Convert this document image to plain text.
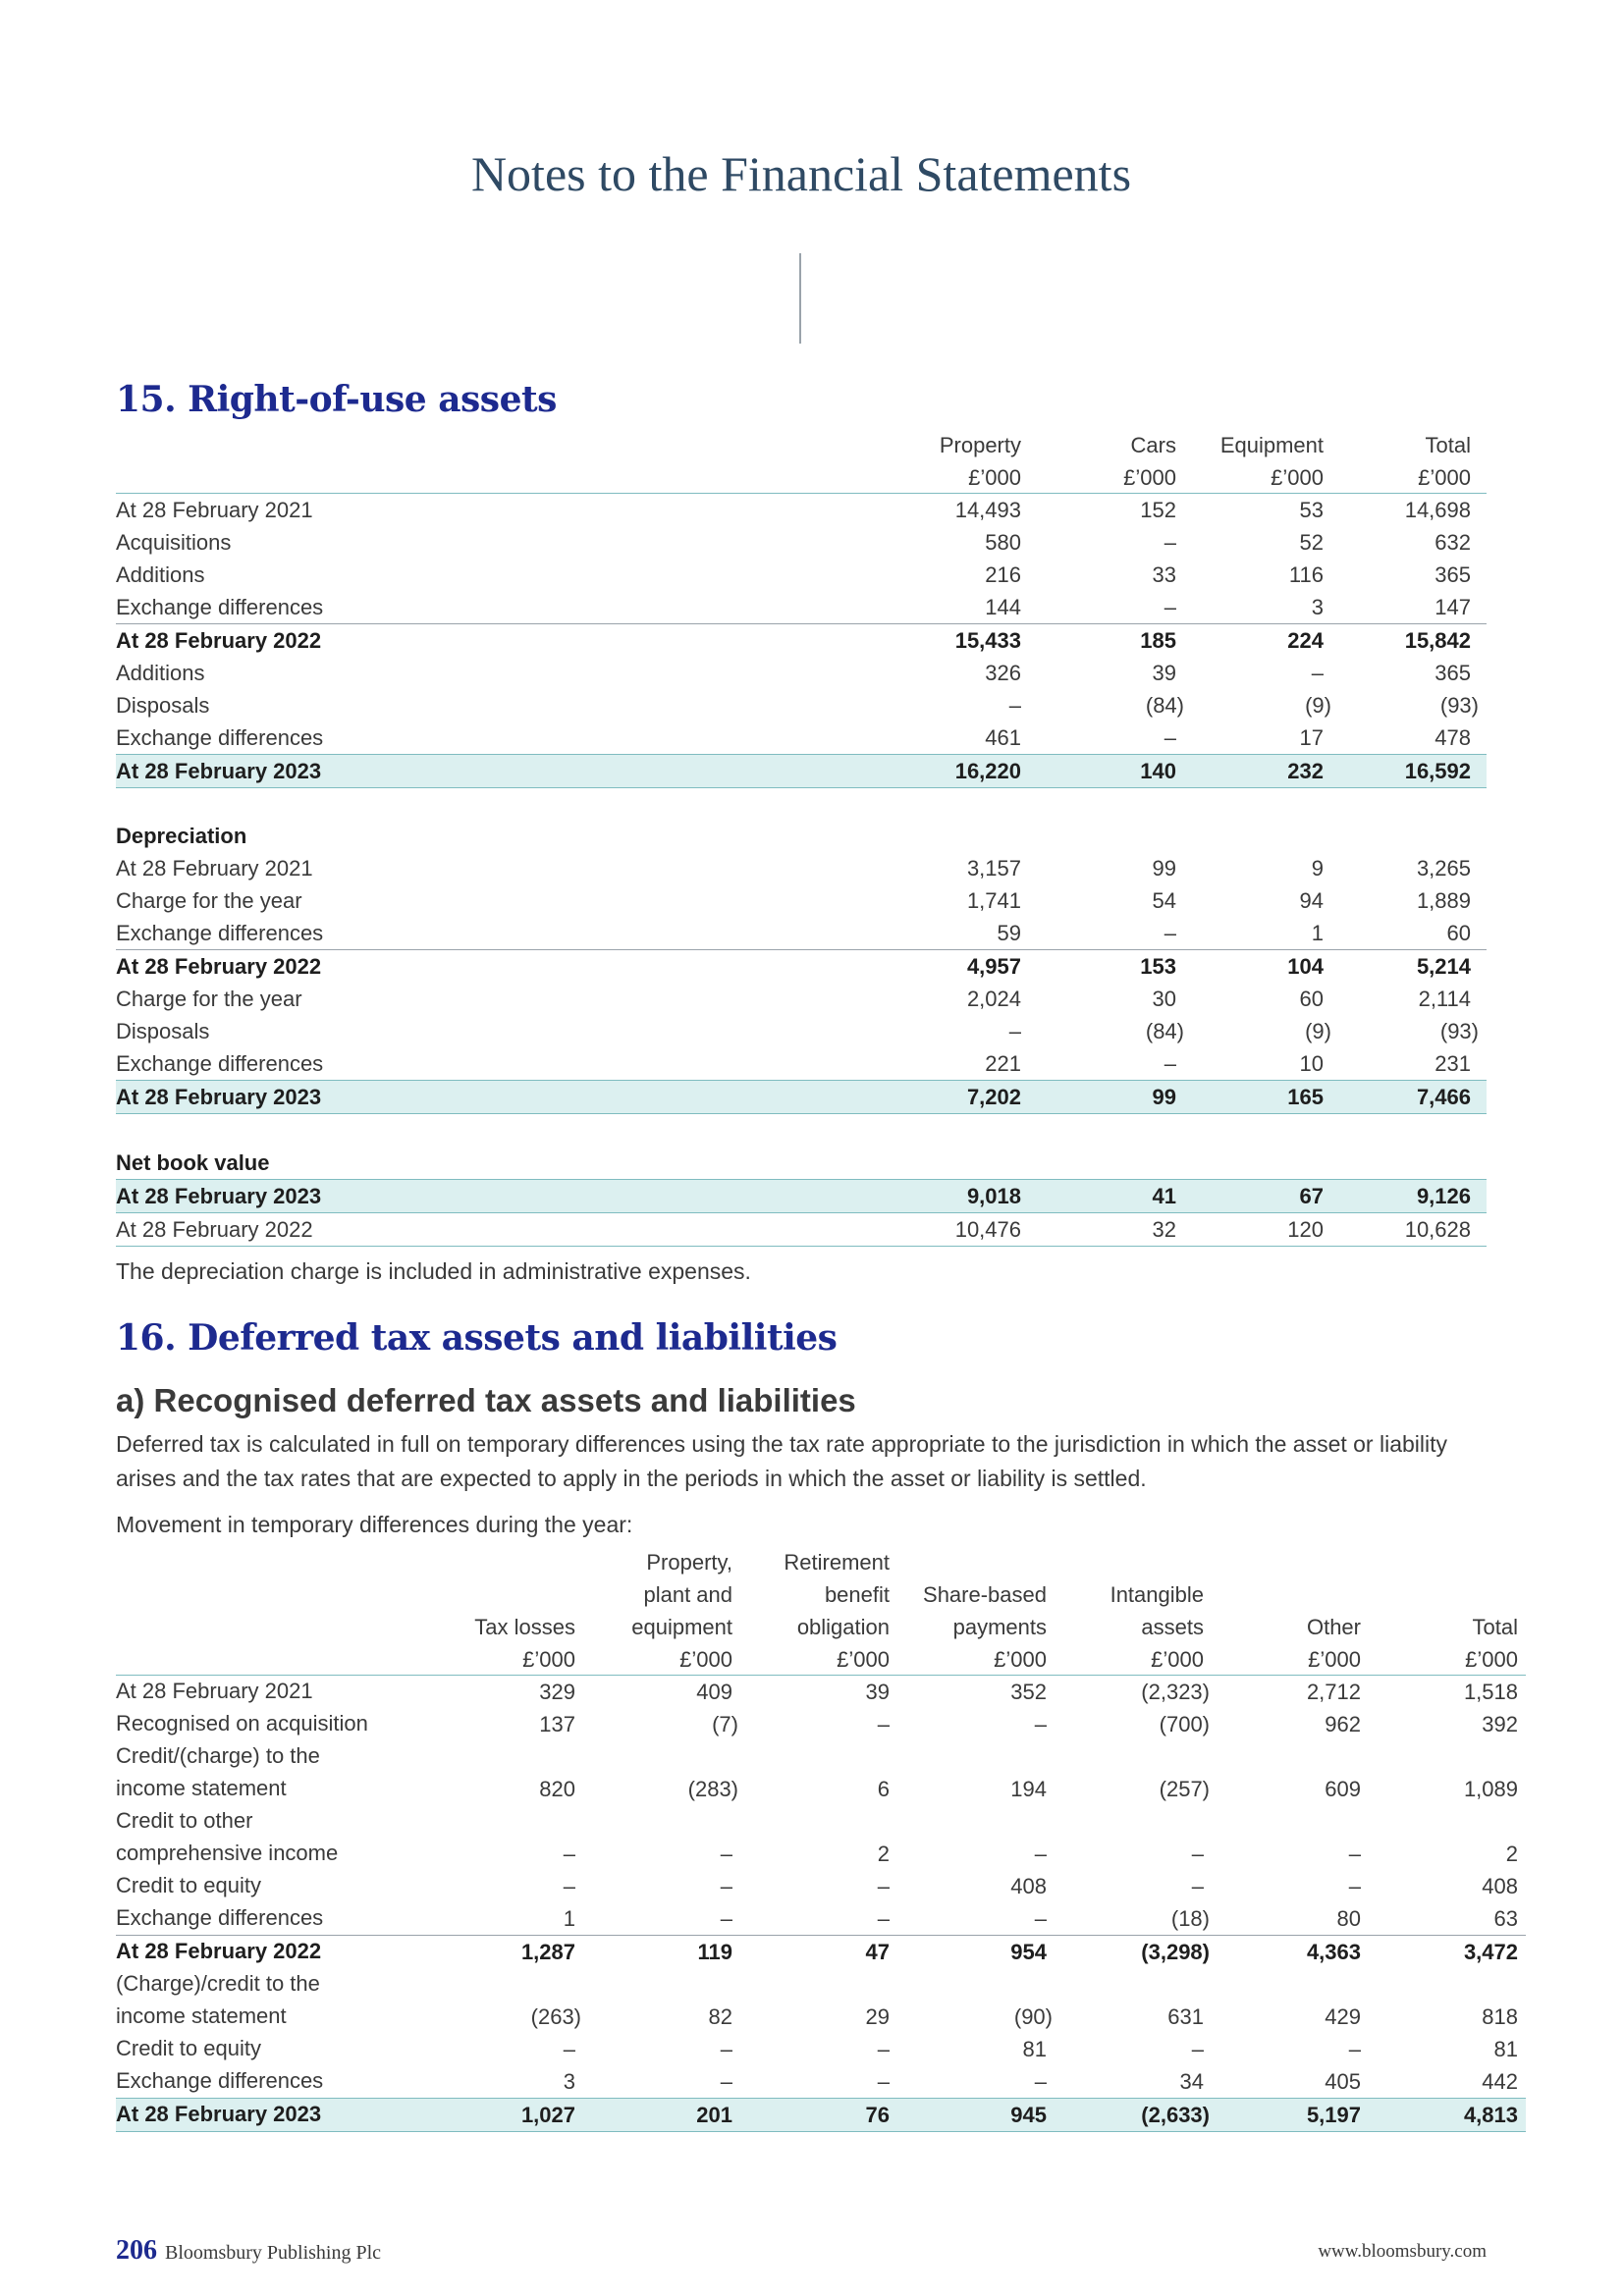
Notes to the Financial Statements
15. Right-of-use assets
	Property	Cars	Equipment	Total
	£’000	£’000	£’000	£’000
At 28 February 2021	14,493	152	53	14,698
Acquisitions	580	–	52	632
Additions	216	33	116	365
Exchange differences	144	–	3	147
At 28 February 2022	15,433	185	224	15,842
Additions	326	39	–	365
Disposals	–	(84)	(9)	(93)
Exchange differences	461	–	17	478
At 28 February 2023	16,220	140	232	16,592

Depreciation				
At 28 February 2021	3,157	99	9	3,265
Charge for the year	1,741	54	94	1,889
Exchange differences	59	–	1	60
At 28 February 2022	4,957	153	104	5,214
Charge for the year	2,024	30	60	2,114
Disposals	–	(84)	(9)	(93)
Exchange differences	221	–	10	231
At 28 February 2023	7,202	99	165	7,466

Net book value				
At 28 February 2023	9,018	41	67	9,126
At 28 February 2022	10,476	32	120	10,628
The depreciation charge is included in administrative expenses.
16. Deferred tax assets and liabilities
a) Recognised deferred tax assets and liabilities
Deferred tax is calculated in full on temporary differences using the tax rate appropriate to the jurisdiction in which the asset or liability arises and the tax rates that are expected to apply in the periods in which the asset or liability is settled.
Movement in temporary differences during the year:
		Property,	Retirement				
		plant and	benefit	Share-based	Intangible		
	Tax losses	equipment	obligation	payments	assets	Other	Total
	£’000	£’000	£’000	£’000	£’000	£’000	£’000
At 28 February 2021	329	409	39	352	(2,323)	2,712	1,518
Recognised on acquisition	137	(7)	–	–	(700)	962	392
Credit/(charge) to the							
income statement	820	(283)	6	194	(257)	609	1,089
Credit to other							
comprehensive income	–	–	2	–	–	–	2
Credit to equity	–	–	–	408	–	–	408
Exchange differences	1	–	–	–	(18)	80	63
At 28 February 2022	1,287	119	47	954	(3,298)	4,363	3,472
(Charge)/credit to the							
income statement	(263)	82	29	(90)	631	429	818
Credit to equity	–	–	–	81	–	–	81
Exchange differences	3	–	–	–	34	405	442
At 28 February 2023	1,027	201	76	945	(2,633)	5,197	4,813
206 Bloomsbury Publishing Plc	www.bloomsbury.com
